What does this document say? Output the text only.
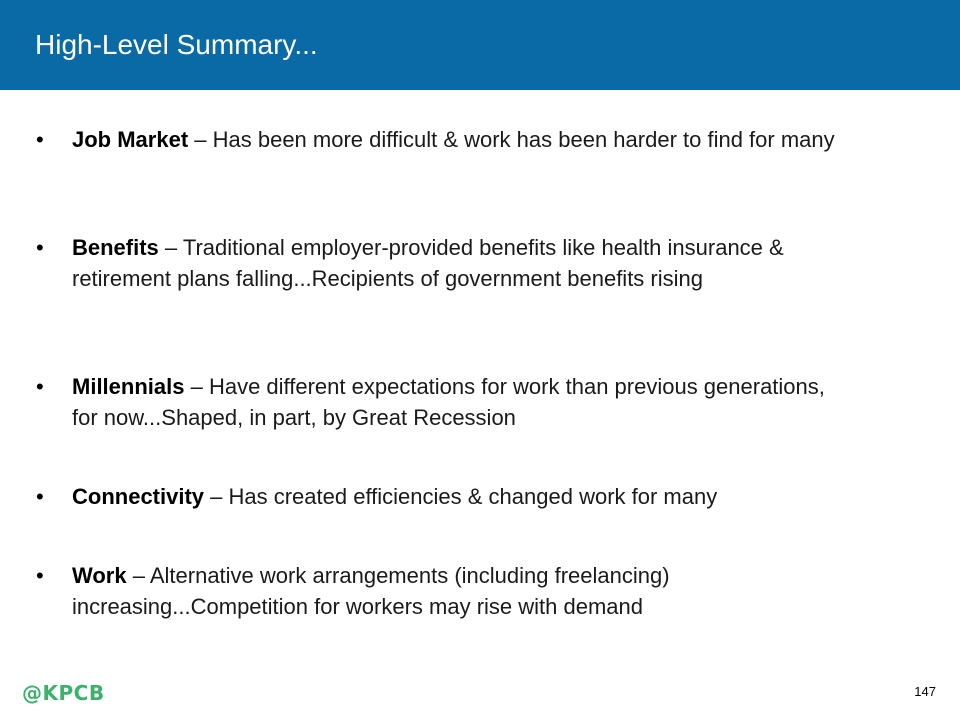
High-Level Summary...
• Job Market – Has been more difficult & work has been harder to find for many
• Benefits – Traditional employer-provided benefits like health insurance & retirement plans falling...Recipients of government benefits rising
• Millennials – Have different expectations for work than previous generations, for now...Shaped, in part, by Great Recession
• Connectivity – Has created efficiencies & changed work for many
• Work – Alternative work arrangements (including freelancing) increasing...Competition for workers may rise with demand
@KPCB	147
